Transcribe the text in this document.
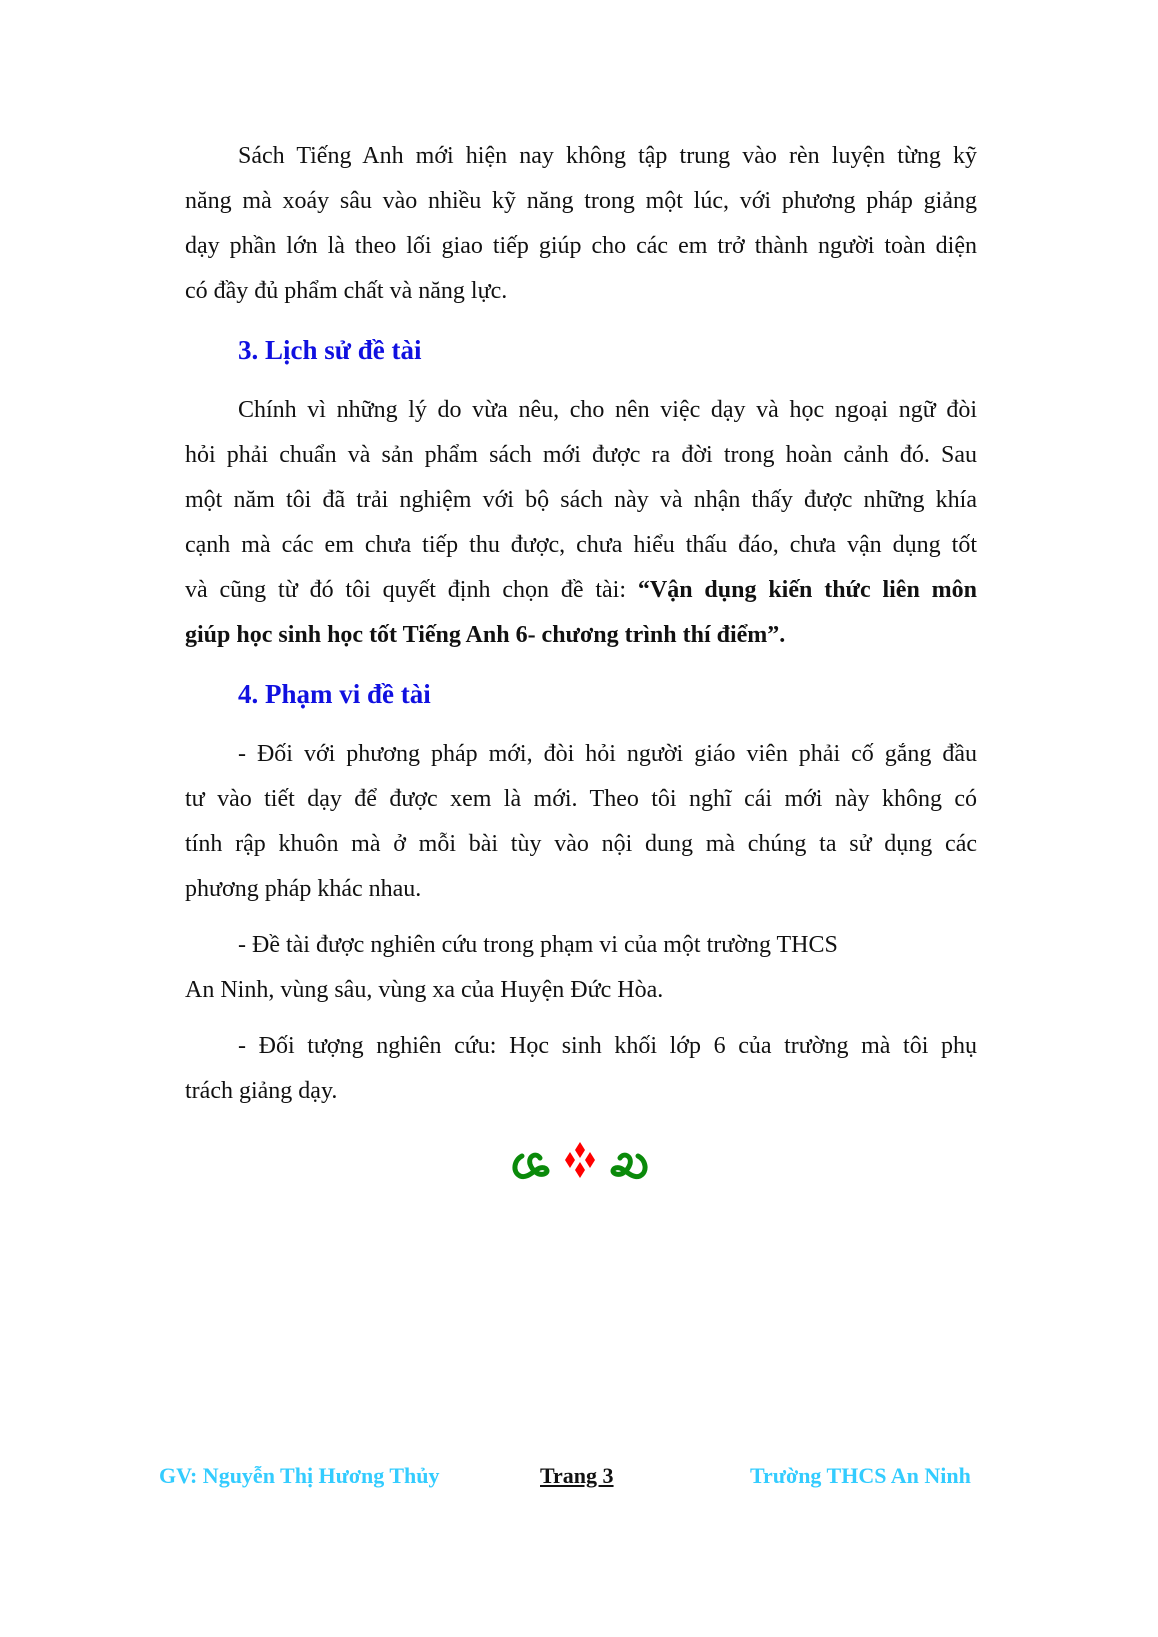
Sách Tiếng Anh mới hiện nay không tập trung vào rèn luyện từng kỹ
năng mà xoáy sâu vào nhiều kỹ năng trong một lúc, với phương pháp giảng
dạy phần lớn là theo lối giao tiếp giúp cho các em trở thành người toàn diện
có đầy đủ phẩm chất và năng lực.
3. Lịch sử đề tài
Chính vì những lý do vừa nêu, cho nên việc dạy và học ngoại ngữ đòi
hỏi phải chuẩn và sản phẩm sách mới được ra đời trong hoàn cảnh đó. Sau
một năm tôi đã trải nghiệm với bộ sách này và nhận thấy được những khía
cạnh mà các em chưa tiếp thu được, chưa hiểu thấu đáo, chưa vận dụng tốt
và cũng từ đó tôi quyết định chọn đề tài: “Vận dụng kiến thức liên môn
giúp học sinh học tốt Tiếng Anh 6- chương trình thí điểm”.
4. Phạm vi đề tài
- Đối với phương pháp mới, đòi hỏi người giáo viên phải cố gắng đầu
tư vào tiết dạy để được xem là mới. Theo tôi nghĩ cái mới này không có
tính rập khuôn mà ở mỗi bài tùy vào nội dung mà chúng ta sử dụng các
phương pháp khác nhau.
- Đề tài được nghiên cứu trong phạm vi của một trường THCS
An Ninh, vùng sâu, vùng xa của Huyện Đức Hòa.
- Đối tượng nghiên cứu: Học sinh khối lớp 6 của trường mà tôi phụ
trách giảng dạy.
GV: Nguyễn Thị Hương Thủy	Trang 3	Trường THCS An Ninh
